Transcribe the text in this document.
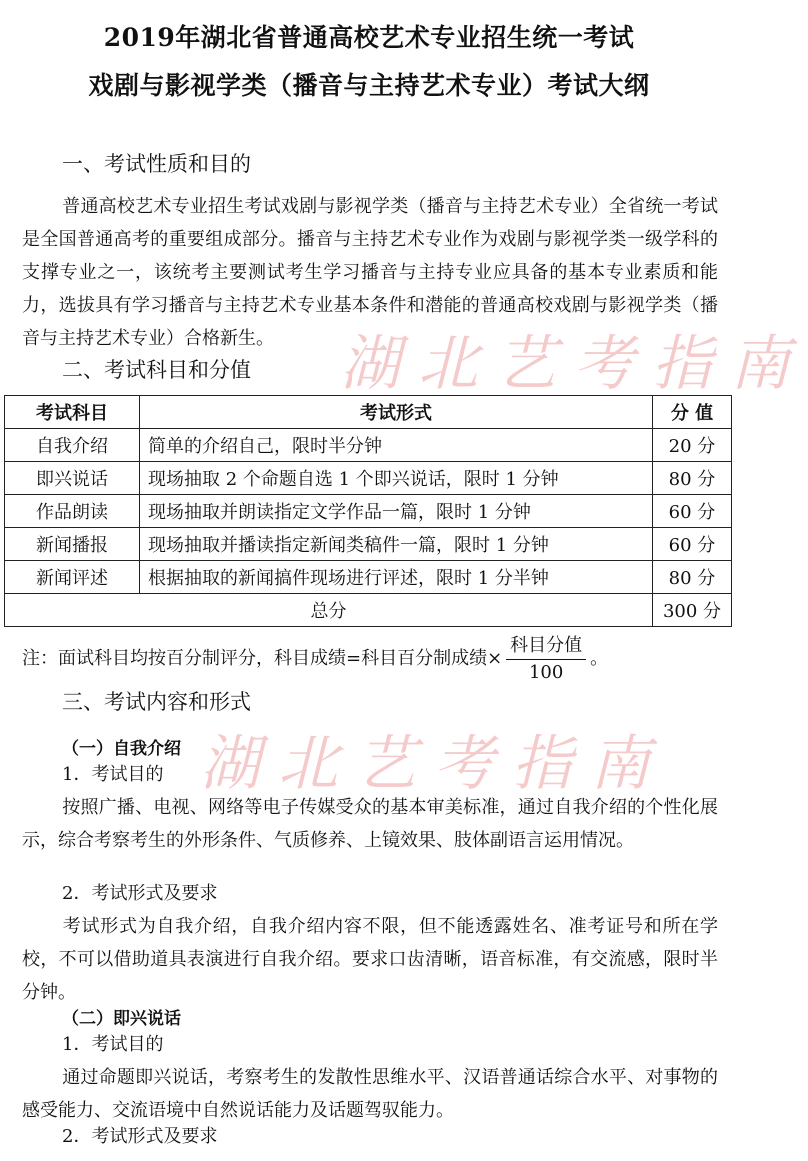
2019年湖北省普通高校艺术专业招生统一考试
戏剧与影视学类（播音与主持艺术专业）考试大纲
一、考试性质和目的
普通高校艺术专业招生考试戏剧与影视学类（播音与主持艺术专业）全省统一考试是全国普通高考的重要组成部分。播音与主持艺术专业作为戏剧与影视学类一级学科的支撑专业之一，该统考主要测试考生学习播音与主持专业应具备的基本专业素质和能力，选拔具有学习播音与主持艺术专业基本条件和潜能的普通高校戏剧与影视学类（播音与主持艺术专业）合格新生。	湖北艺考指南
二、考试科目和分值
考试科目	考试形式	分 值
自我介绍	简单的介绍自己，限时半分钟	20 分
即兴说话	现场抽取 2 个命题自选 1 个即兴说话，限时 1 分钟	80 分
作品朗读	现场抽取并朗读指定文学作品一篇，限时 1 分钟	60 分
新闻播报	现场抽取并播读指定新闻类稿件一篇，限时 1 分钟	60 分
新闻评述	根据抽取的新闻搞件现场进行评述，限时 1 分半钟	80 分
总分		300 分
注：面试科目均按百分制评分，科目成绩=科目百分制成绩× $\frac{\text{科目分值}}{100}$ 。
三、考试内容和形式
（一）自我介绍 湖北艺考指南
1．考试目的
按照广播、电视、网络等电子传媒受众的基本审美标准，通过自我介绍的个性化展示，综合考察考生的外形条件、气质修养、上镜效果、肢体副语言运用情况。
2．考试形式及要求
考试形式为自我介绍，自我介绍内容不限，但不能透露姓名、准考证号和所在学校，不可以借助道具表演进行自我介绍。要求口齿清晰，语音标准，有交流感，限时半分钟。
（二）即兴说话
1．考试目的
通过命题即兴说话，考察考生的发散性思维水平、汉语普通话综合水平、对事物的感受能力、交流语境中自然说话能力及话题驾驭能力。
2．考试形式及要求
